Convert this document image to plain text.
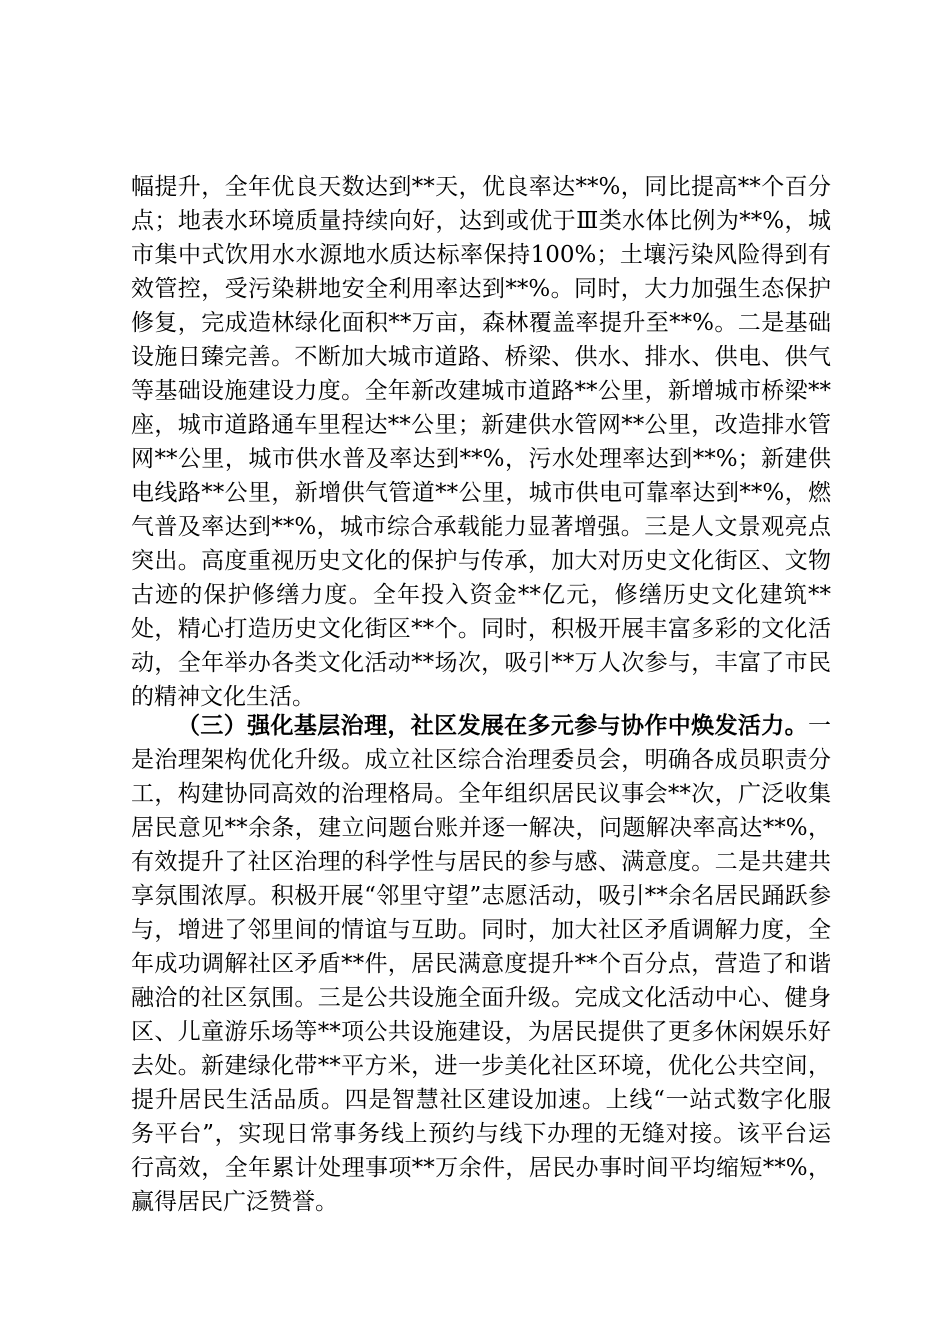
幅提升，全年优良天数达到**天，优良率达**%，同比提高**个百分点；地表水环境质量持续向好，达到或优于Ⅲ类水体比例为**%，城市集中式饮用水水源地水质达标率保持100%；土壤污染风险得到有效管控，受污染耕地安全利用率达到**%。同时，大力加强生态保护修复，完成造林绿化面积**万亩，森林覆盖率提升至**%。二是基础设施日臻完善。不断加大城市道路、桥梁、供水、排水、供电、供气等基础设施建设力度。全年新改建城市道路**公里，新增城市桥梁**座，城市道路通车里程达**公里；新建供水管网**公里，改造排水管网**公里，城市供水普及率达到**%，污水处理率达到**%；新建供电线路**公里，新增供气管道**公里，城市供电可靠率达到**%，燃气普及率达到**%，城市综合承载能力显著增强。三是人文景观亮点突出。高度重视历史文化的保护与传承，加大对历史文化街区、文物古迹的保护修缮力度。全年投入资金**亿元，修缮历史文化建筑**处，精心打造历史文化街区**个。同时，积极开展丰富多彩的文化活动，全年举办各类文化活动**场次，吸引**万人次参与，丰富了市民的精神文化生活。

（三）强化基层治理，社区发展在多元参与协作中焕发活力。一是治理架构优化升级。成立社区综合治理委员会，明确各成员职责分工，构建协同高效的治理格局。全年组织居民议事会**次，广泛收集居民意见**余条，建立问题台账并逐一解决，问题解决率高达**%，有效提升了社区治理的科学性与居民的参与感、满意度。二是共建共享氛围浓厚。积极开展“邻里守望”志愿活动，吸引**余名居民踊跃参与，增进了邻里间的情谊与互助。同时，加大社区矛盾调解力度，全年成功调解社区矛盾**件，居民满意度提升**个百分点，营造了和谐融洽的社区氛围。三是公共设施全面升级。完成文化活动中心、健身区、儿童游乐场等**项公共设施建设，为居民提供了更多休闲娱乐好去处。新建绿化带**平方米，进一步美化社区环境，优化公共空间，提升居民生活品质。四是智慧社区建设加速。上线“一站式数字化服务平台”，实现日常事务线上预约与线下办理的无缝对接。该平台运行高效，全年累计处理事项**万余件，居民办事时间平均缩短**%，赢得居民广泛赞誉。
